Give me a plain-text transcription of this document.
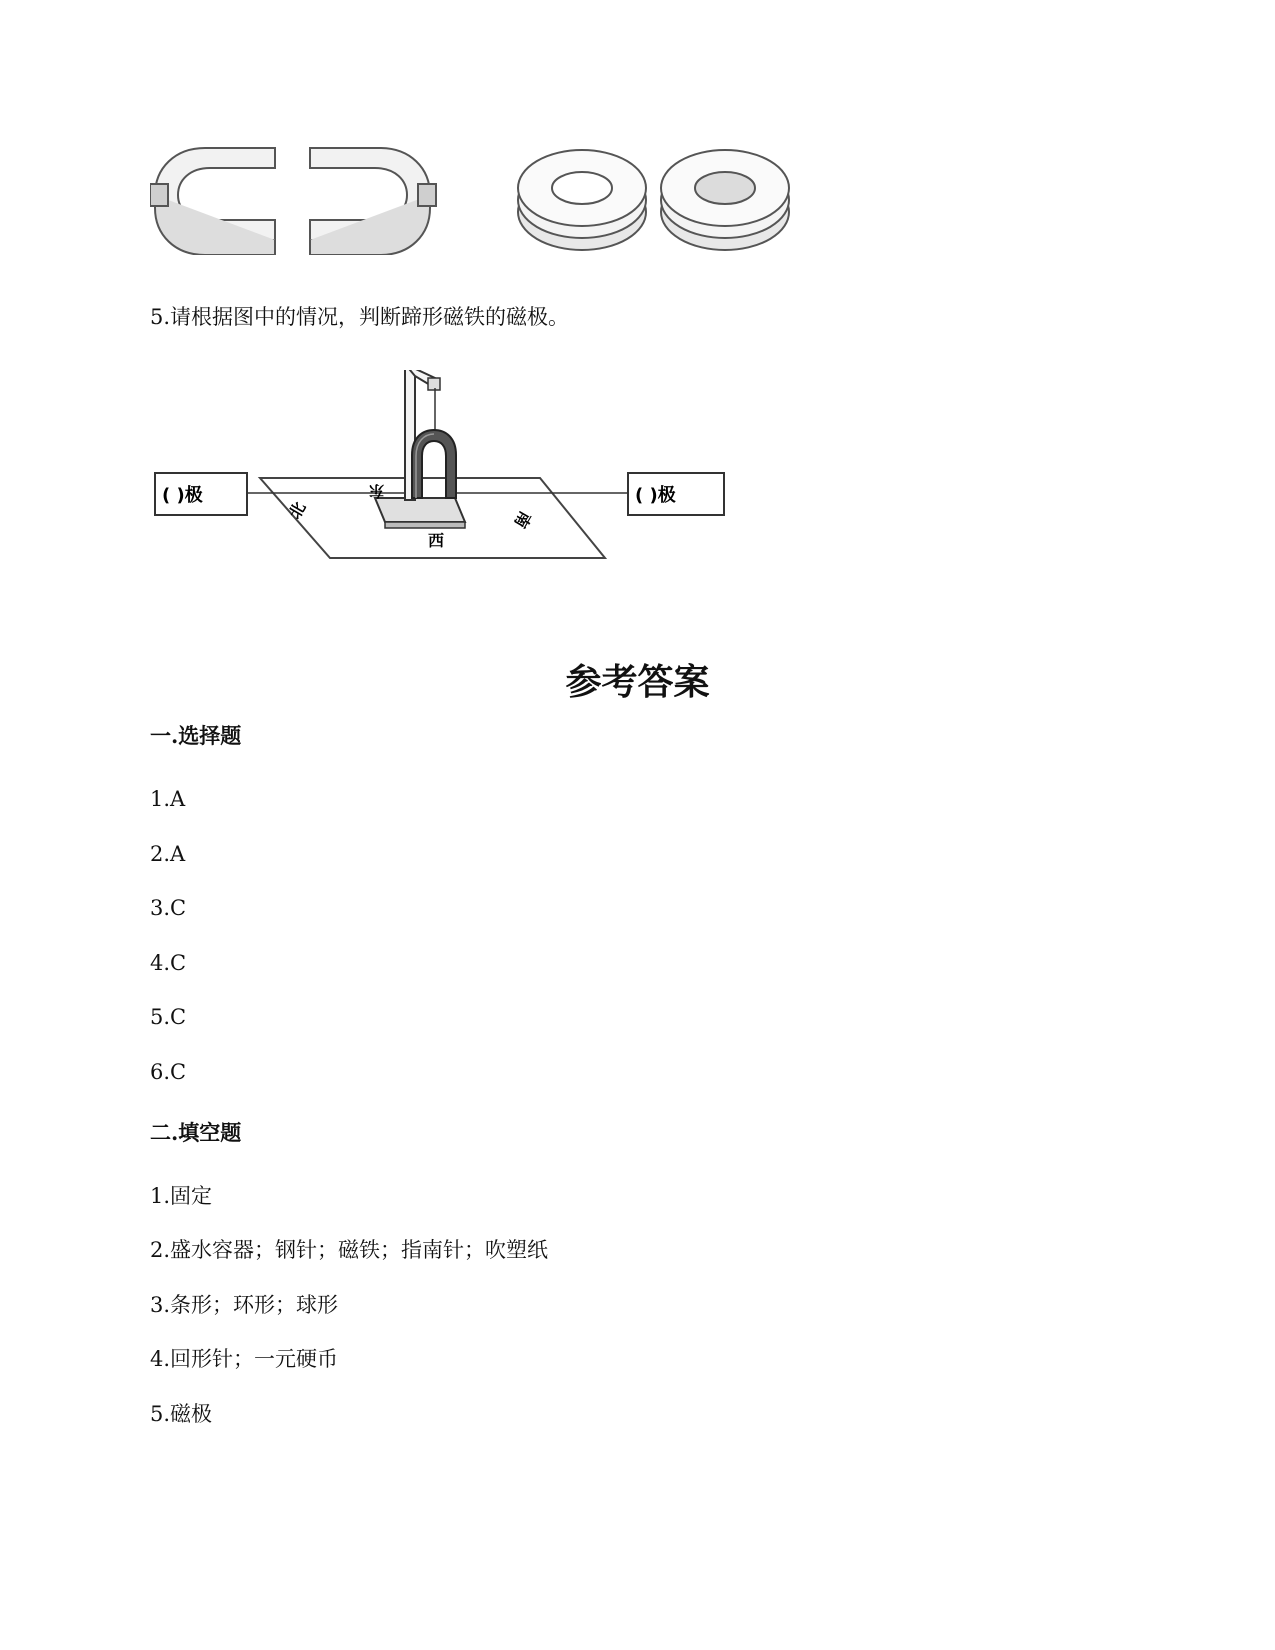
5.请根据图中的情况，判断蹄形磁铁的磁极。
( )极	( )极
北	南
东
西
参考答案
一.选择题
1.A
2.A
3.C
4.C
5.C
6.C
二.填空题
1.固定
2.盛水容器；钢针；磁铁；指南针；吹塑纸
3.条形；环形；球形
4.回形针；一元硬币
5.磁极
